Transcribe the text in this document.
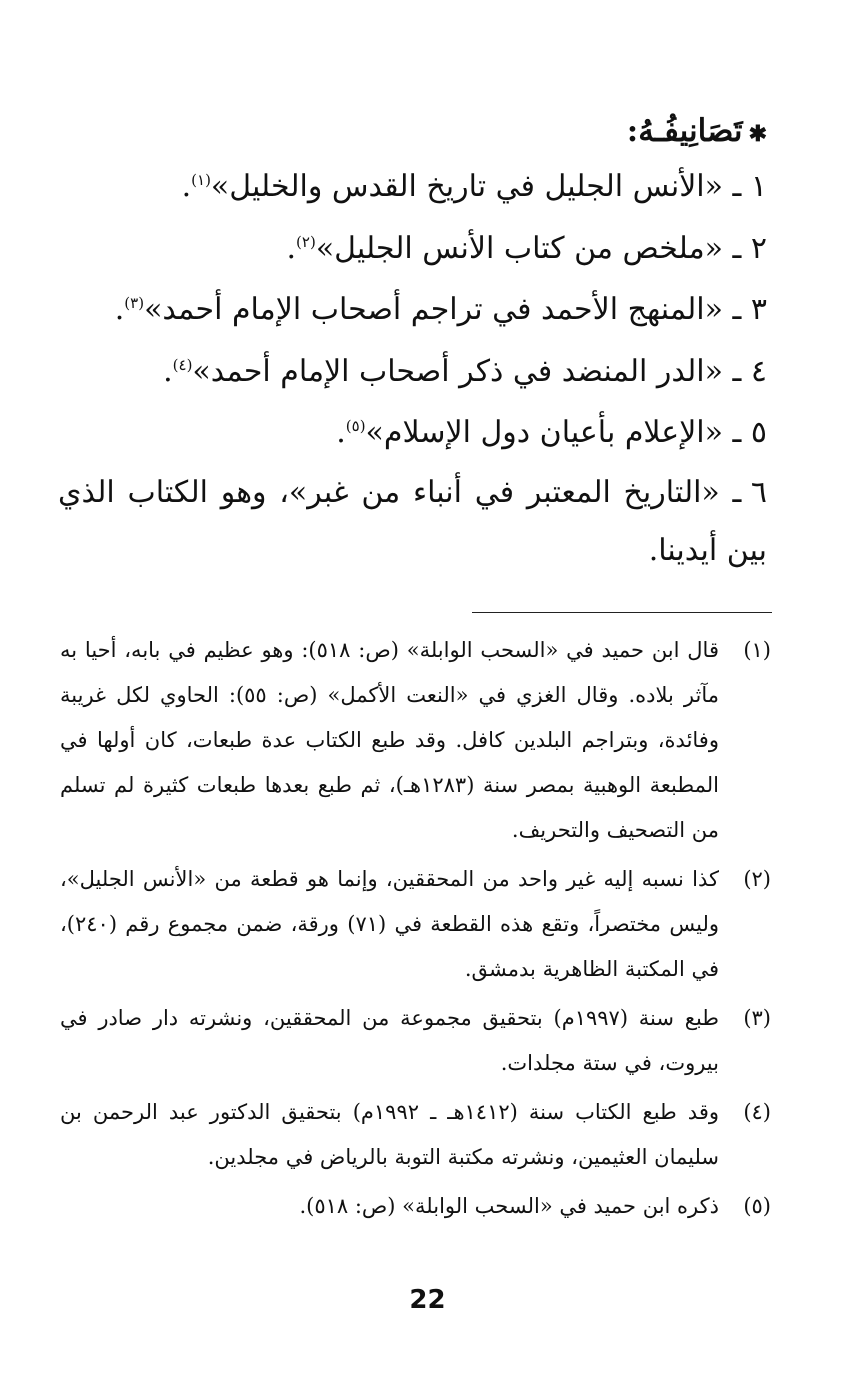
✱تَصَانِيفُـهُ:
١ ـ «الأنس الجليل في تاريخ القدس والخليل»$^{(١)}$.
٢ ـ «ملخص من كتاب الأنس الجليل»$^{(٢)}$.
٣ ـ «المنهج الأحمد في تراجم أصحاب الإمام أحمد»$^{(٣)}$.
٤ ـ «الدر المنضد في ذكر أصحاب الإمام أحمد»$^{(٤)}$.
٥ ـ «الإعلام بأعيان دول الإسلام»$^{(٥)}$.
٦ ـ «التاريخ المعتبر في أنباء من غبر»، وهو الكتاب الذي بين أيدينا.
(١)
قال ابن حميد في «السحب الوابلة» (ص: ٥١٨): وهو عظيم في بابه، أحيا به مآثر بلاده. وقال الغزي في «النعت الأكمل» (ص: ٥٥): الحاوي لكل غريبة وفائدة، وبتراجم البلدين كافل. وقد طبع الكتاب عدة طبعات، كان أولها في المطبعة الوهبية بمصر سنة (١٢٨٣هـ)، ثم طبع بعدها طبعات كثيرة لم تسلم من التصحيف والتحريف.
(٢)
كذا نسبه إليه غير واحد من المحققين، وإنما هو قطعة من «الأنس الجليل»، وليس مختصراً، وتقع هذه القطعة في (٧١) ورقة، ضمن مجموع رقم (٢٤٠)، في المكتبة الظاهرية بدمشق.
(٣)
طبع سنة (١٩٩٧م) بتحقيق مجموعة من المحققين، ونشرته دار صادر في بيروت، في ستة مجلدات.
(٤)
وقد طبع الكتاب سنة (١٤١٢هـ ـ ١٩٩٢م) بتحقيق الدكتور عبد الرحمن بن سليمان العثيمين، ونشرته مكتبة التوبة بالرياض في مجلدين.
(٥)
ذكره ابن حميد في «السحب الوابلة» (ص: ٥١٨).
22
